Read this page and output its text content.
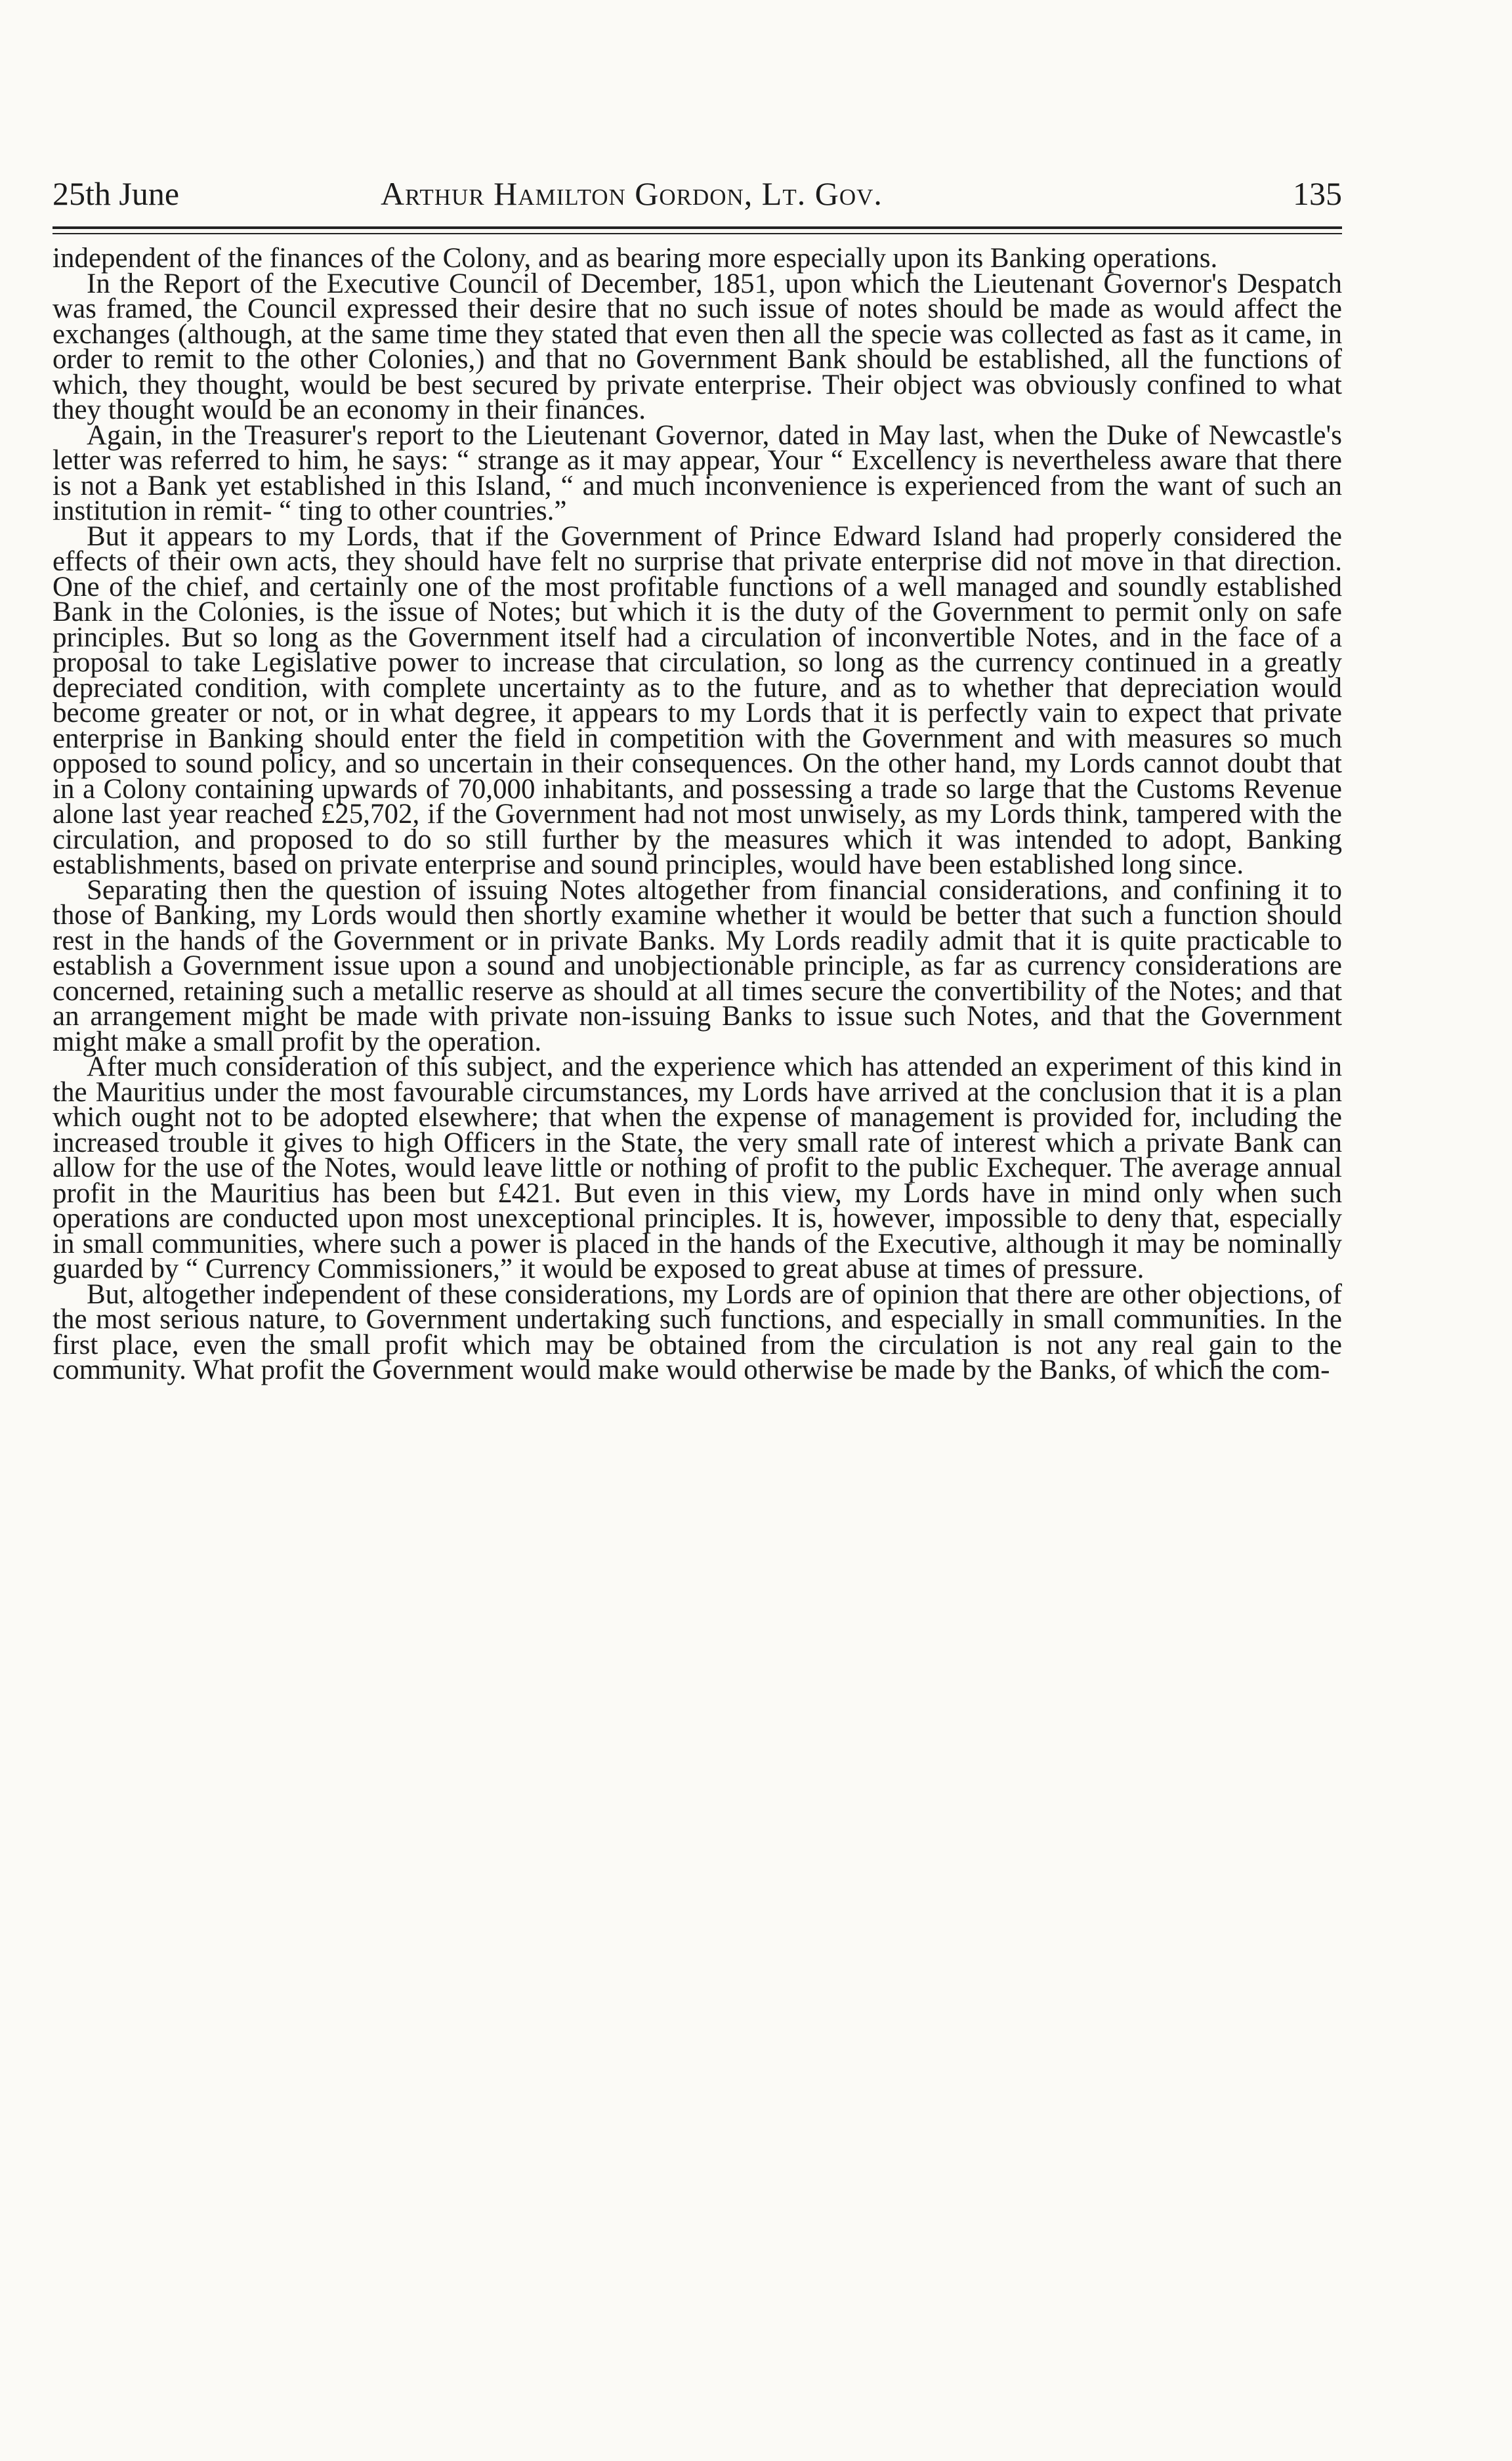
25th June	Arthur Hamilton Gordon, Lt. Gov.	135

independent of the finances of the Colony, and as bearing more especially upon its Banking operations.

In the Report of the Executive Council of December, 1851, upon which the Lieutenant Governor's Despatch was framed, the Council expressed their desire that no such issue of notes should be made as would affect the exchanges (although, at the same time they stated that even then all the specie was collected as fast as it came, in order to remit to the other Colonies,) and that no Government Bank should be established, all the functions of which, they thought, would be best secured by private enterprise. Their object was obviously confined to what they thought would be an economy in their finances.

Again, in the Treasurer's report to the Lieutenant Governor, dated in May last, when the Duke of Newcastle's letter was referred to him, he says: “ strange as it may appear, Your “ Excellency is nevertheless aware that there is not a Bank yet established in this Island, “ and much inconvenience is experienced from the want of such an institution in remit- “ ting to other countries.”

But it appears to my Lords, that if the Government of Prince Edward Island had properly considered the effects of their own acts, they should have felt no surprise that private enterprise did not move in that direction. One of the chief, and certainly one of the most profitable functions of a well managed and soundly established Bank in the Colonies, is the issue of Notes; but which it is the duty of the Government to permit only on safe principles. But so long as the Government itself had a circulation of inconvertible Notes, and in the face of a proposal to take Legislative power to increase that circulation, so long as the currency continued in a greatly depreciated condition, with complete uncertainty as to the future, and as to whether that depreciation would become greater or not, or in what degree, it appears to my Lords that it is perfectly vain to expect that private enterprise in Banking should enter the field in competition with the Government and with measures so much opposed to sound policy, and so uncertain in their consequences. On the other hand, my Lords cannot doubt that in a Colony containing upwards of 70,000 inhabitants, and possessing a trade so large that the Customs Revenue alone last year reached £25,702, if the Government had not most unwisely, as my Lords think, tampered with the circulation, and proposed to do so still further by the measures which it was intended to adopt, Banking establishments, based on private enterprise and sound principles, would have been established long since.

Separating then the question of issuing Notes altogether from financial considerations, and confining it to those of Banking, my Lords would then shortly examine whether it would be better that such a function should rest in the hands of the Government or in private Banks. My Lords readily admit that it is quite practicable to establish a Government issue upon a sound and unobjectionable principle, as far as currency considerations are concerned, retaining such a metallic reserve as should at all times secure the convertibility of the Notes; and that an arrangement might be made with private non-issuing Banks to issue such Notes, and that the Government might make a small profit by the operation.

After much consideration of this subject, and the experience which has attended an experiment of this kind in the Mauritius under the most favourable circumstances, my Lords have arrived at the conclusion that it is a plan which ought not to be adopted elsewhere; that when the expense of management is provided for, including the increased trouble it gives to high Officers in the State, the very small rate of interest which a private Bank can allow for the use of the Notes, would leave little or nothing of profit to the public Exchequer. The average annual profit in the Mauritius has been but £421. But even in this view, my Lords have in mind only when such operations are conducted upon most unexceptional principles. It is, however, impossible to deny that, especially in small communities, where such a power is placed in the hands of the Executive, although it may be nominally guarded by “ Currency Commissioners,” it would be exposed to great abuse at times of pressure.

But, altogether independent of these considerations, my Lords are of opinion that there are other objections, of the most serious nature, to Government undertaking such functions, and especially in small communities. In the first place, even the small profit which may be obtained from the circulation is not any real gain to the community. What profit the Government would make would otherwise be made by the Banks, of which the com-
